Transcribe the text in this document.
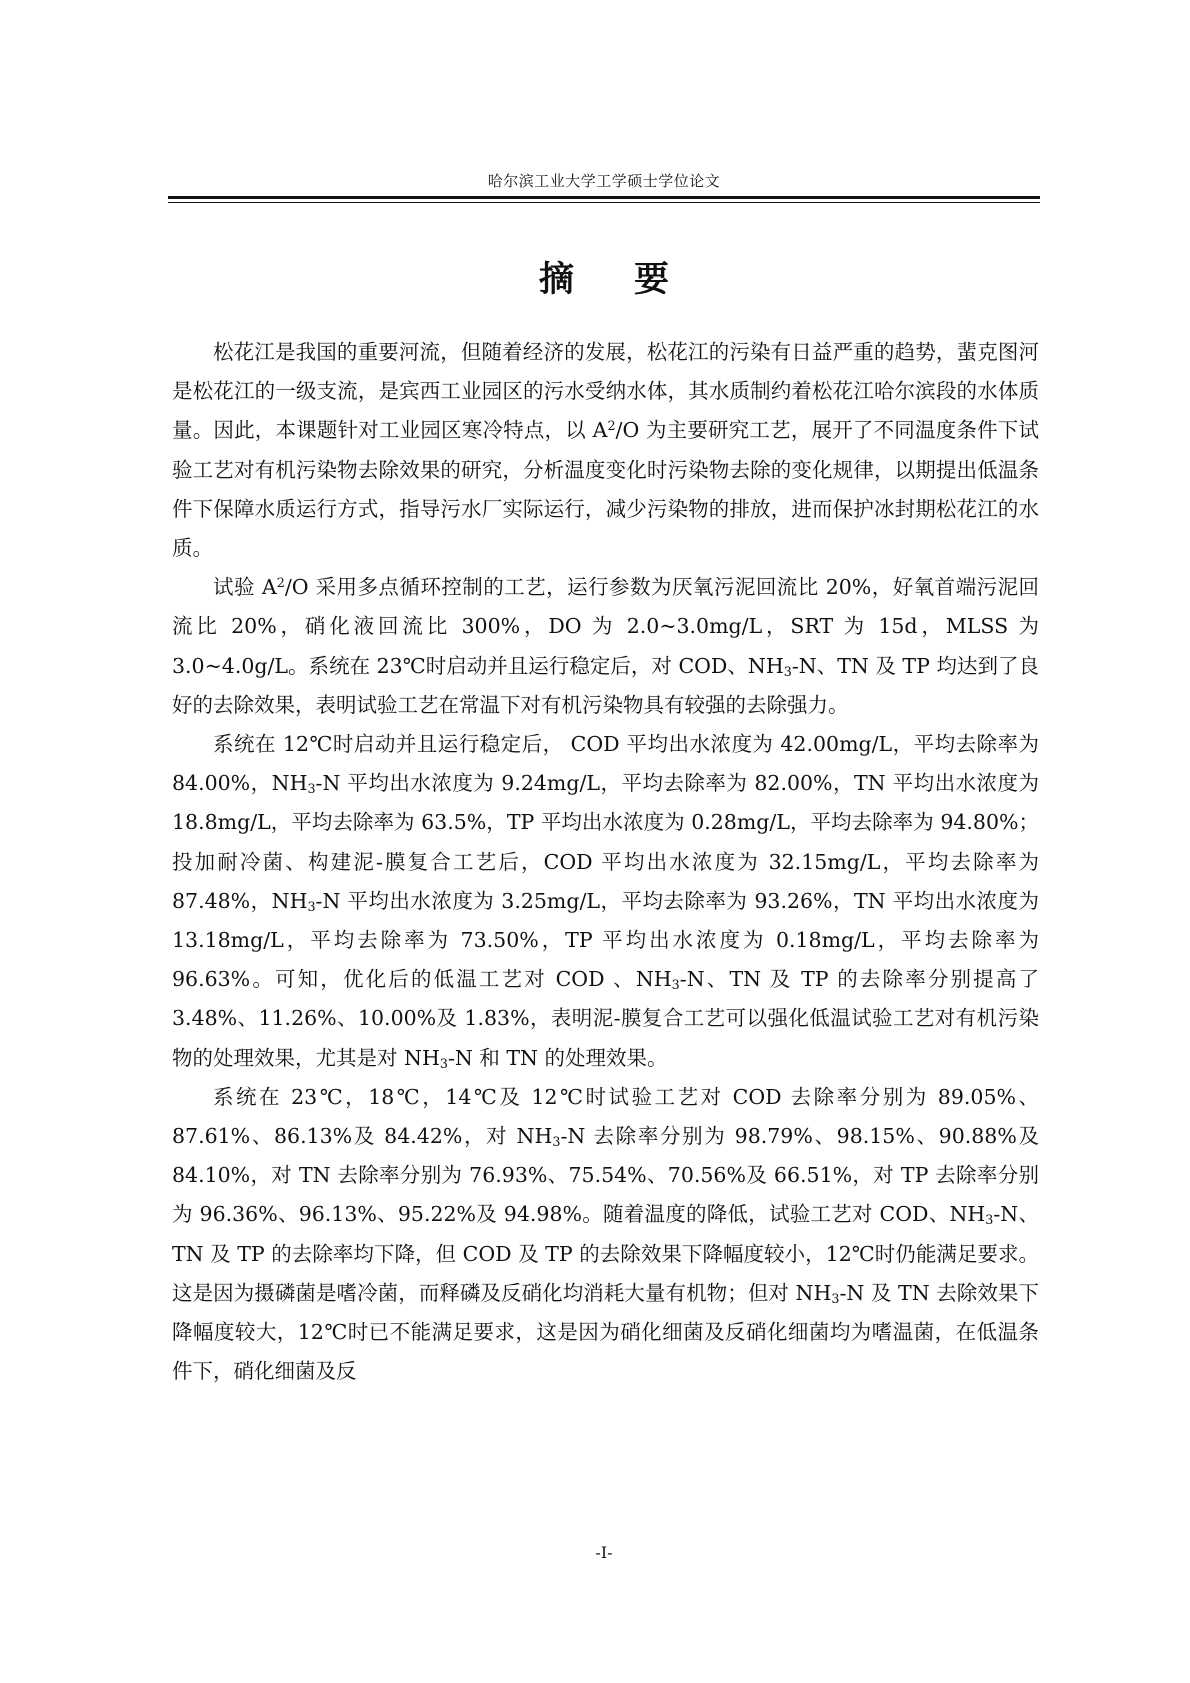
哈尔滨工业大学工学硕士学位论文
摘要

松花江是我国的重要河流，但随着经济的发展，松花江的污染有日益严重的趋势，蜚克图河是松花江的一级支流，是宾西工业园区的污水受纳水体，其水质制约着松花江哈尔滨段的水体质量。因此，本课题针对工业园区寒冷特点，以 $A^2/O$ 为主要研究工艺，展开了不同温度条件下试验工艺对有机污染物去除效果的研究，分析温度变化时污染物去除的变化规律，以期提出低温条件下保障水质运行方式，指导污水厂实际运行，减少污染物的排放，进而保护冰封期松花江的水质。

试验 $A^2/O$ 采用多点循环控制的工艺，运行参数为厌氧污泥回流比 20%，好氧首端污泥回流比 20%，硝化液回流比 300%，DO 为 2.0~3.0mg/L，SRT 为 15d，MLSS 为 3.0~4.0g/L。系统在 23℃时启动并且运行稳定后，对 COD、$NH_3-N$、TN 及 TP 均达到了良好的去除效果，表明试验工艺在常温下对有机污染物具有较强的去除强力。

系统在 12℃时启动并且运行稳定后， COD 平均出水浓度为 42.00mg/L，平均去除率为 84.00%，$NH_3-N$ 平均出水浓度为 9.24mg/L，平均去除率为 82.00%，TN 平均出水浓度为 18.8mg/L，平均去除率为 63.5%，TP 平均出水浓度为 0.28mg/L，平均去除率为 94.80%；投加耐冷菌、构建泥-膜复合工艺后，COD 平均出水浓度为 32.15mg/L，平均去除率为 87.48%，$NH_3-N$ 平均出水浓度为 3.25mg/L，平均去除率为 93.26%，TN 平均出水浓度为 13.18mg/L，平均去除率为 73.50%，TP 平均出水浓度为 0.18mg/L，平均去除率为 96.63%。可知，优化后的低温工艺对 COD 、$NH_3-N$、TN 及 TP 的去除率分别提高了 3.48%、11.26%、10.00%及 1.83%，表明泥-膜复合工艺可以强化低温试验工艺对有机污染物的处理效果，尤其是对 $NH_3-N$ 和 TN 的处理效果。

系统在 23℃，18℃，14℃及 12℃时试验工艺对 COD 去除率分别为 89.05%、87.61%、86.13%及 84.42%，对 $NH_3-N$ 去除率分别为 98.79%、98.15%、90.88%及 84.10%，对 TN 去除率分别为 76.93%、75.54%、70.56%及 66.51%，对 TP 去除率分别为 96.36%、96.13%、95.22%及 94.98%。随着温度的降低，试验工艺对 COD、$NH_3-N$、TN 及 TP 的去除率均下降，但 COD 及 TP 的去除效果下降幅度较小，12℃时仍能满足要求。这是因为摄磷菌是嗜冷菌，而释磷及反硝化均消耗大量有机物；但对 $NH_3-N$ 及 TN 去除效果下降幅度较大，12℃时已不能满足要求，这是因为硝化细菌及反硝化细菌均为嗜温菌，在低温条件下，硝化细菌及反

-I-
